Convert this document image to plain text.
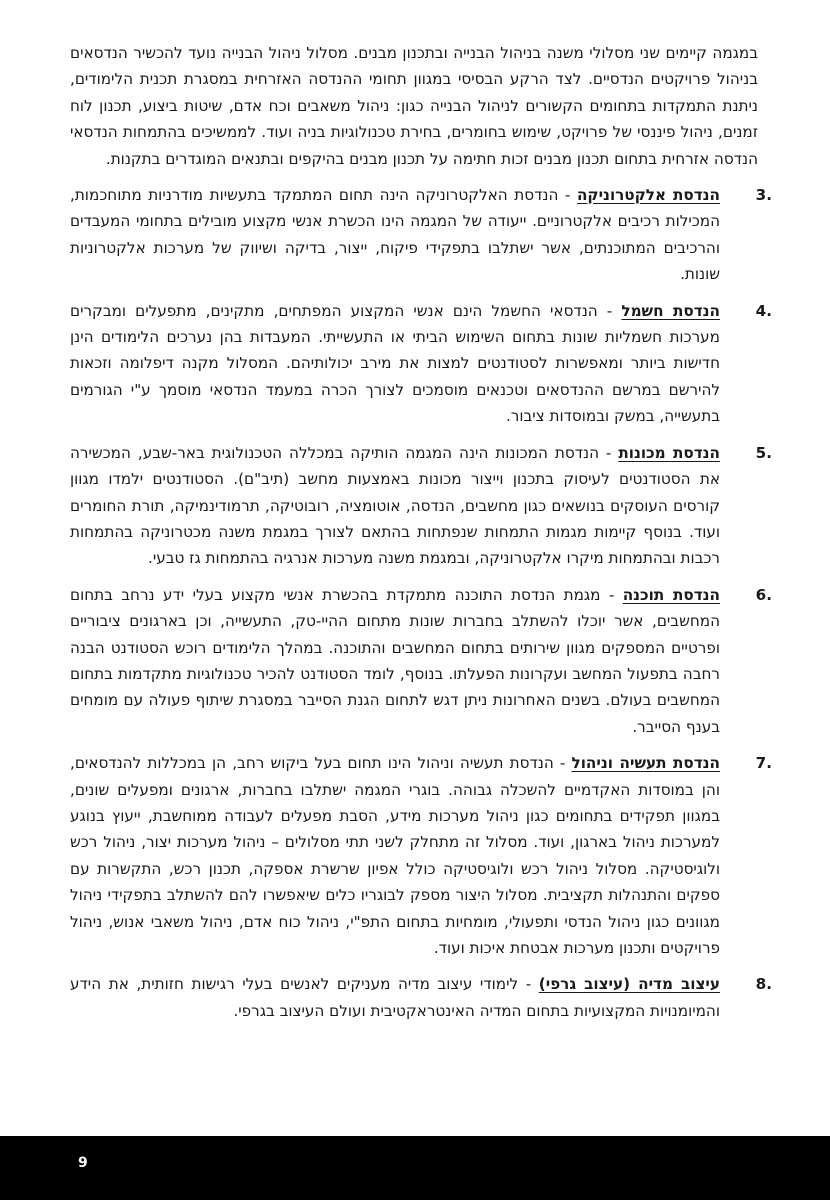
במגמה קיימים שני מסלולי משנה בניהול הבנייה ובתכנון מבנים. מסלול ניהול הבנייה נועד להכשיר הנדסאים בניהול פרויקטים הנדסיים. לצד הרקע הבסיסי במגוון תחומי ההנדסה האזרחית במסגרת תכנית הלימודים, ניתנת התמקדות בתחומים הקשורים לניהול הבנייה כגון: ניהול משאבים וכח אדם, שיטות ביצוע, תכנון לוח זמנים, ניהול פיננסי של פרויקט, שימוש בחומרים, בחירת טכנולוגיות בניה ועוד. לממשיכים בהתמחות הנדסאי הנדסה אזרחית בתחום תכנון מבנים זכות חתימה על תכנון מבנים בהיקפים ובתנאים המוגדרים בתקנות.

3.
הנדסת אלקטרוניקה - הנדסת האלקטרוניקה הינה תחום המתמקד בתעשיות מודרניות מתוחכמות, המכילות רכיבים אלקטרוניים. ייעודה של המגמה הינו הכשרת אנשי מקצוע מובילים בתחומי המעבדים והרכיבים המתוכנתים, אשר ישתלבו בתפקידי פיקוח, ייצור, בדיקה ושיווק של מערכות אלקטרוניות שונות.
4.
הנדסת חשמל - הנדסאי החשמל הינם אנשי המקצוע המפתחים, מתקינים, מתפעלים ומבקרים מערכות חשמליות שונות בתחום השימוש הביתי או התעשייתי. המעבדות בהן נערכים הלימודים הינן חדישות ביותר ומאפשרות לסטודנטים למצות את מירב יכולותיהם. המסלול מקנה דיפלומה וזכאות להירשם במרשם ההנדסאים וטכנאים מוסמכים לצורך הכרה במעמד הנדסאי מוסמך ע"י הגורמים בתעשייה, במשק ובמוסדות ציבור.
5.
הנדסת מכונות - הנדסת המכונות הינה המגמה הותיקה במכללה הטכנולוגית באר-שבע, המכשירה את הסטודנטים לעיסוק בתכנון וייצור מכונות באמצעות מחשב (תיב"ם). הסטודנטים ילמדו מגוון קורסים העוסקים בנושאים כגון מחשבים, הנדסה, אוטומציה, רובוטיקה, תרמודינמיקה, תורת החומרים ועוד. בנוסף קיימות מגמות התמחות שנפתחות בהתאם לצורך במגמת משנה מכטרוניקה בהתמחות רכבות ובהתמחות מיקרו אלקטרוניקה, ובמגמת משנה מערכות אנרגיה בהתמחות גז טבעי.
6.
הנדסת תוכנה - מגמת הנדסת התוכנה מתמקדת בהכשרת אנשי מקצוע בעלי ידע נרחב בתחום המחשבים, אשר יוכלו להשתלב בחברות שונות מתחום ההיי-טק, התעשייה, וכן בארגונים ציבוריים ופרטיים המספקים מגוון שירותים בתחום המחשבים והתוכנה. במהלך הלימודים רוכש הסטודנט הבנה רחבה בתפעול המחשב ועקרונות הפעלתו. בנוסף, לומד הסטודנט להכיר טכנולוגיות מתקדמות בתחום המחשבים בעולם. בשנים האחרונות ניתן דגש לתחום הגנת הסייבר במסגרת שיתוף פעולה עם מומחים בענף הסייבר.
7.
הנדסת תעשיה וניהול - הנדסת תעשיה וניהול הינו תחום בעל ביקוש רחב, הן במכללות להנדסאים, והן במוסדות האקדמיים להשכלה גבוהה. בוגרי המגמה ישתלבו בחברות, ארגונים ומפעלים שונים, במגוון תפקידים בתחומים כגון ניהול מערכות מידע, הסבת מפעלים לעבודה ממוחשבת, ייעוץ בנוגע למערכות ניהול בארגון, ועוד. מסלול זה מתחלק לשני תתי מסלולים – ניהול מערכות יצור, ניהול רכש ולוגיסטיקה. מסלול ניהול רכש ולוגיסטיקה כולל אפיון שרשרת אספקה, תכנון רכש, התקשרות עם ספקים והתנהלות תקציבית. מסלול היצור מספק לבוגריו כלים שיאפשרו להם להשתלב בתפקידי ניהול מגוונים כגון ניהול הנדסי ותפעולי, מומחיות בתחום התפ"י, ניהול כוח אדם, ניהול משאבי אנוש, ניהול פרויקטים ותכנון מערכות אבטחת איכות ועוד.
8.
עיצוב מדיה (עיצוב גרפי) - לימודי עיצוב מדיה מעניקים לאנשים בעלי רגישות חזותית, את הידע והמיומנויות המקצועיות בתחום המדיה האינטראקטיבית ועולם העיצוב בגרפי.
9
